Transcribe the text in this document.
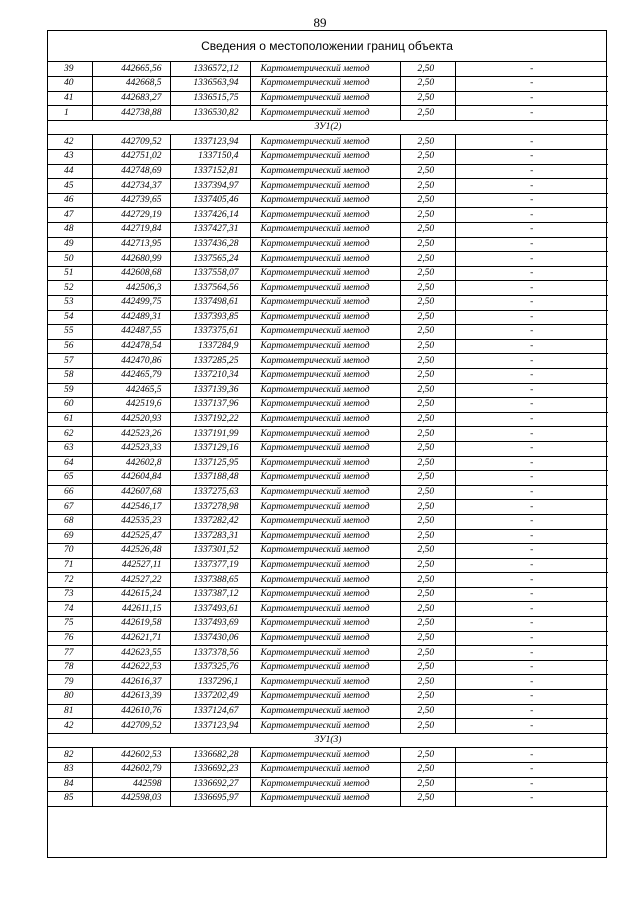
89
Сведения о местоположении границ объекта
39	442665,56	1336572,12	Картометрический метод	2,50	-
40	442668,5	1336563,94	Картометрический метод	2,50	-
41	442683,27	1336515,75	Картометрический метод	2,50	-
1	442738,88	1336530,82	Картометрический метод	2,50	-
ЗУ1(2)					
42	442709,52	1337123,94	Картометрический метод	2,50	-
43	442751,02	1337150,4	Картометрический метод	2,50	-
44	442748,69	1337152,81	Картометрический метод	2,50	-
45	442734,37	1337394,97	Картометрический метод	2,50	-
46	442739,65	1337405,46	Картометрический метод	2,50	-
47	442729,19	1337426,14	Картометрический метод	2,50	-
48	442719,84	1337427,31	Картометрический метод	2,50	-
49	442713,95	1337436,28	Картометрический метод	2,50	-
50	442680,99	1337565,24	Картометрический метод	2,50	-
51	442608,68	1337558,07	Картометрический метод	2,50	-
52	442506,3	1337564,56	Картометрический метод	2,50	-
53	442499,75	1337498,61	Картометрический метод	2,50	-
54	442489,31	1337393,85	Картометрический метод	2,50	-
55	442487,55	1337375,61	Картометрический метод	2,50	-
56	442478,54	1337284,9	Картометрический метод	2,50	-
57	442470,86	1337285,25	Картометрический метод	2,50	-
58	442465,79	1337210,34	Картометрический метод	2,50	-
59	442465,5	1337139,36	Картометрический метод	2,50	-
60	442519,6	1337137,96	Картометрический метод	2,50	-
61	442520,93	1337192,22	Картометрический метод	2,50	-
62	442523,26	1337191,99	Картометрический метод	2,50	-
63	442523,33	1337129,16	Картометрический метод	2,50	-
64	442602,8	1337125,95	Картометрический метод	2,50	-
65	442604,84	1337188,48	Картометрический метод	2,50	-
66	442607,68	1337275,63	Картометрический метод	2,50	-
67	442546,17	1337278,98	Картометрический метод	2,50	-
68	442535,23	1337282,42	Картометрический метод	2,50	-
69	442525,47	1337283,31	Картометрический метод	2,50	-
70	442526,48	1337301,52	Картометрический метод	2,50	-
71	442527,11	1337377,19	Картометрический метод	2,50	-
72	442527,22	1337388,65	Картометрический метод	2,50	-
73	442615,24	1337387,12	Картометрический метод	2,50	-
74	442611,15	1337493,61	Картометрический метод	2,50	-
75	442619,58	1337493,69	Картометрический метод	2,50	-
76	442621,71	1337430,06	Картометрический метод	2,50	-
77	442623,55	1337378,56	Картометрический метод	2,50	-
78	442622,53	1337325,76	Картометрический метод	2,50	-
79	442616,37	1337296,1	Картометрический метод	2,50	-
80	442613,39	1337202,49	Картометрический метод	2,50	-
81	442610,76	1337124,67	Картометрический метод	2,50	-
42	442709,52	1337123,94	Картометрический метод	2,50	-
ЗУ1(3)					
82	442602,53	1336682,28	Картометрический метод	2,50	-
83	442602,79	1336692,23	Картометрический метод	2,50	-
84	442598	1336692,27	Картометрический метод	2,50	-
85	442598,03	1336695,97	Картометрический метод	2,50	-
